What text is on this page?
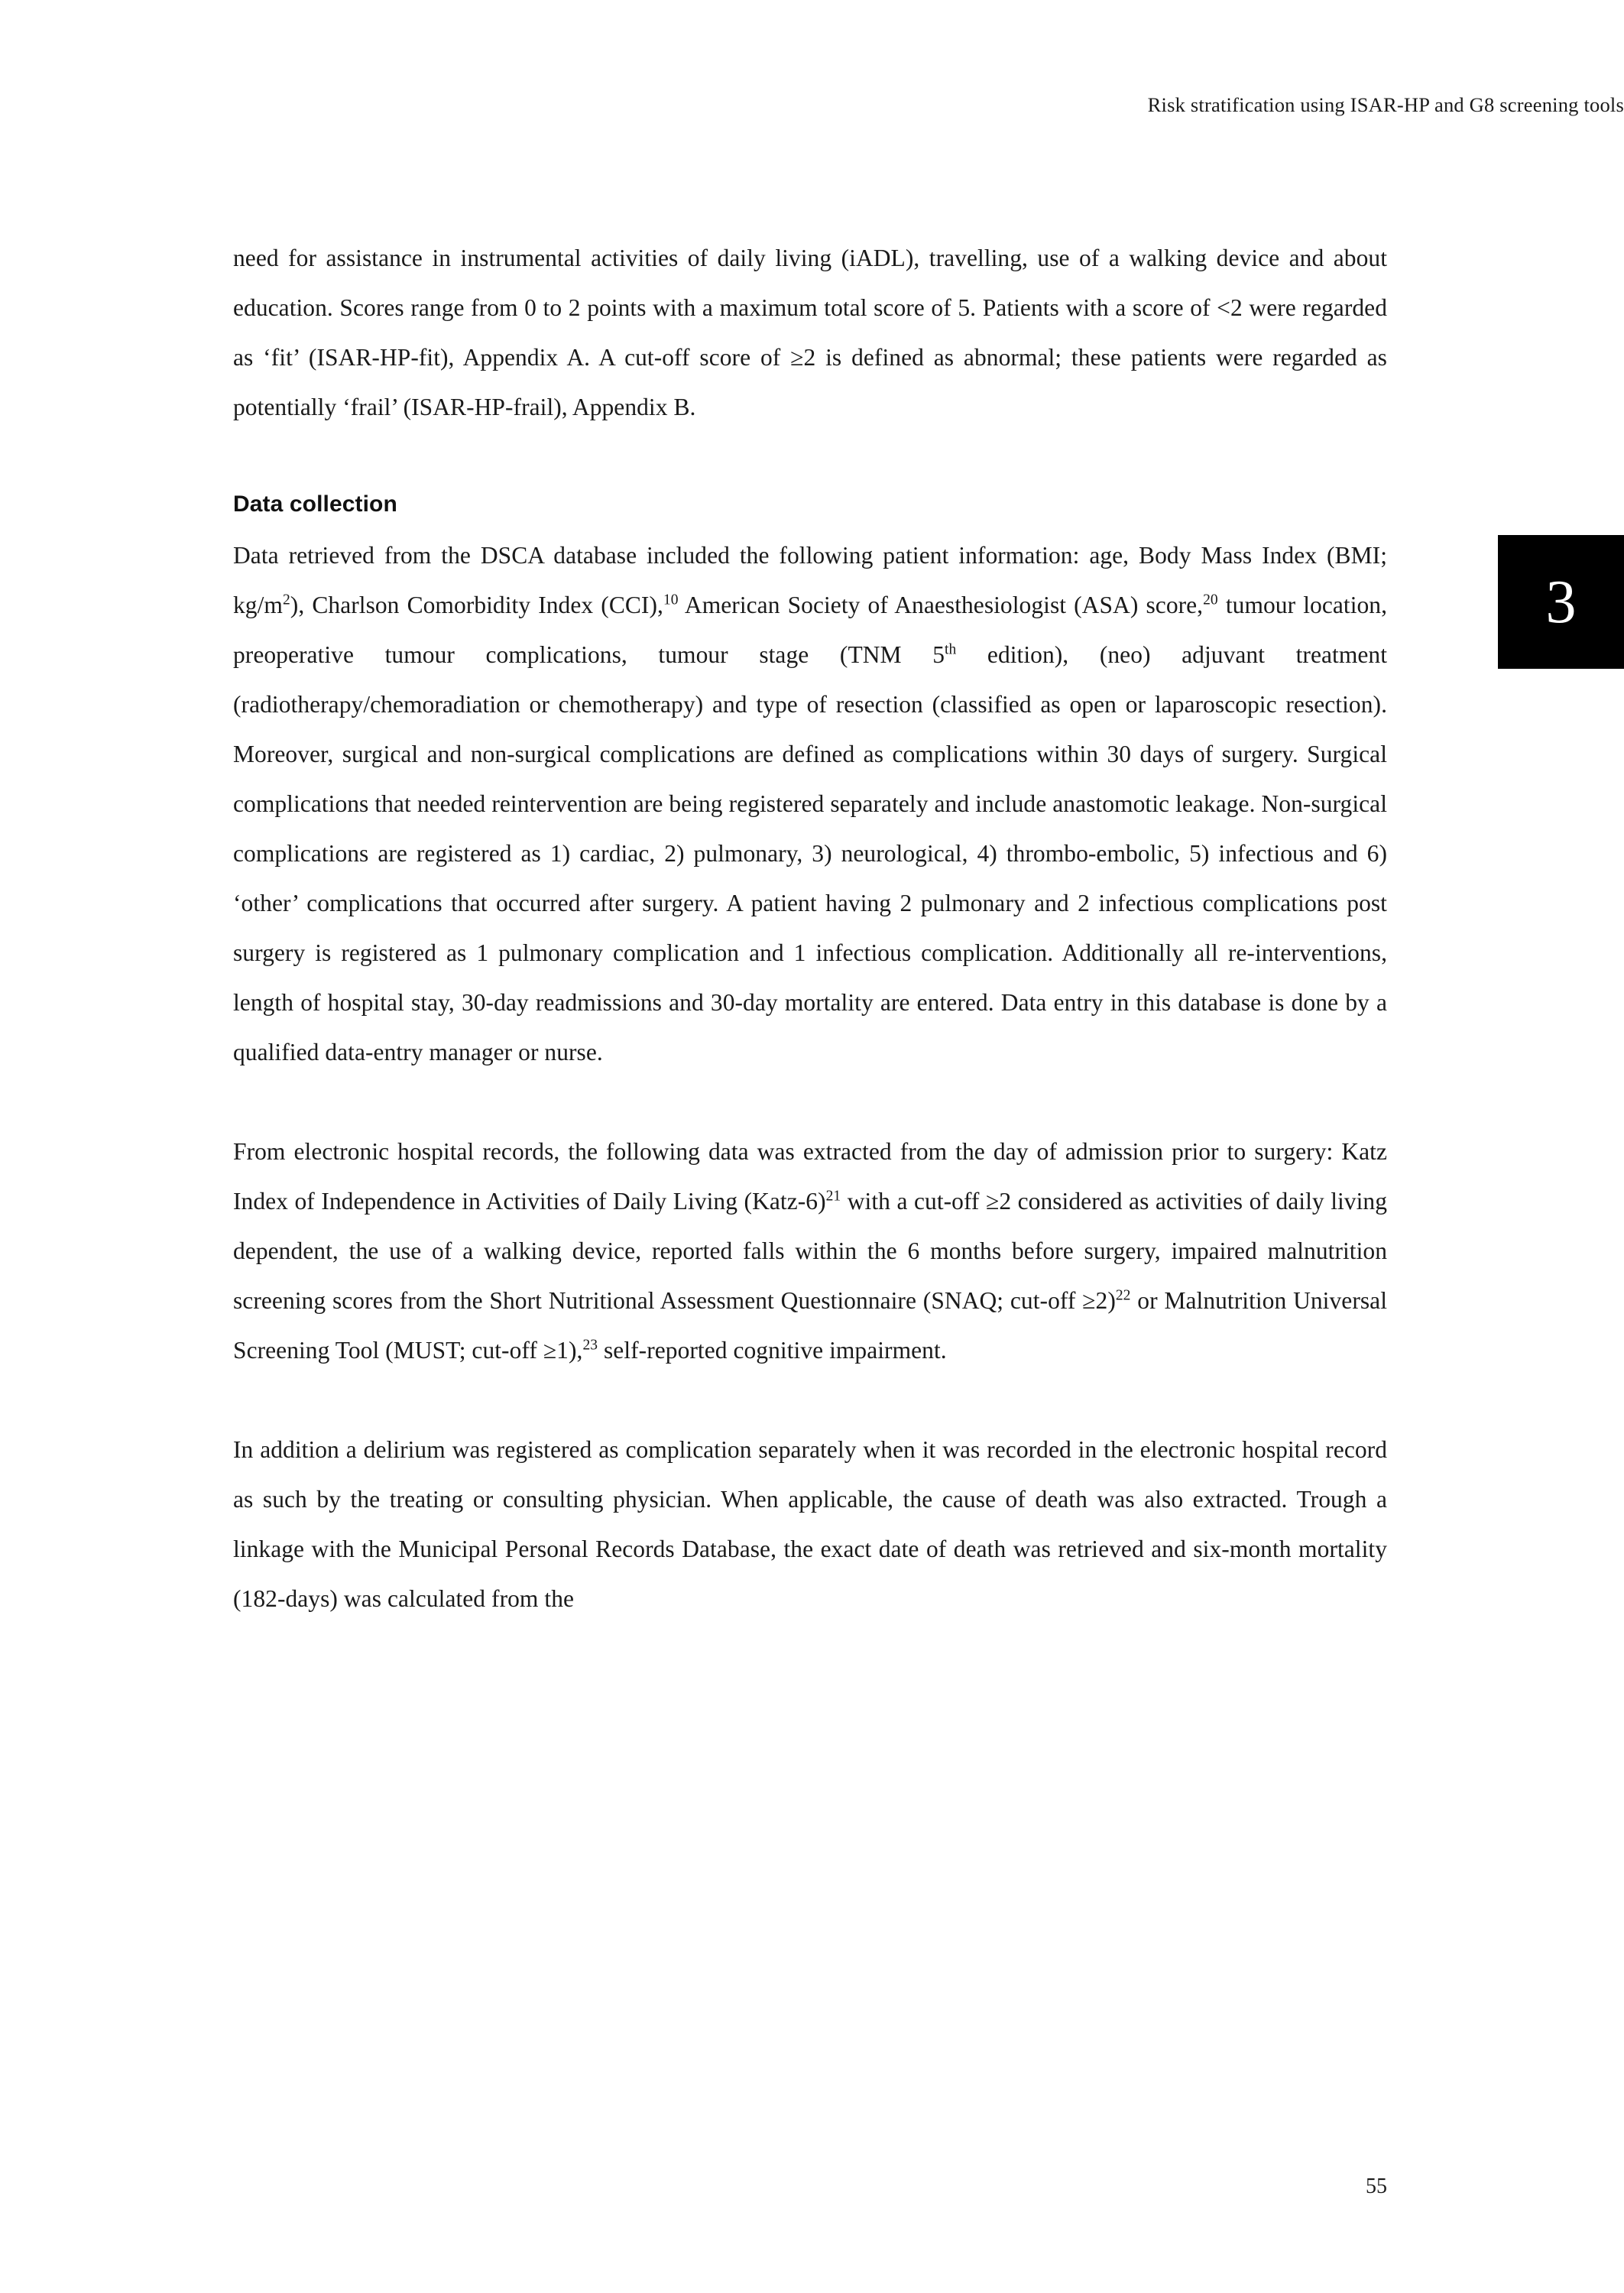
Risk stratification using ISAR-HP and G8 screening tools
3

need for assistance in instrumental activities of daily living (iADL), travelling, use of a walking device and about education. Scores range from 0 to 2 points with a maximum total score of 5. Patients with a score of <2 were regarded as ‘fit’ (ISAR-HP-fit), Appendix A. A cut-off score of ≥2 is defined as abnormal; these patients were regarded as potentially ‘frail’ (ISAR-HP-frail), Appendix B.

Data collection

Data retrieved from the DSCA database included the following patient information: age, Body Mass Index (BMI; $kg/m^2$), Charlson Comorbidity Index (CCI),$^{10}$ American Society of Anaesthesiologist (ASA) score,$^{20}$ tumour location, preoperative tumour complications, tumour stage (TNM 5th edition), (neo) adjuvant treatment (radiotherapy/chemoradiation or chemotherapy) and type of resection (classified as open or laparoscopic resection). Moreover, surgical and non-surgical complications are defined as complications within 30 days of surgery. Surgical complications that needed reintervention are being registered separately and include anastomotic leakage. Non-surgical complications are registered as 1) cardiac, 2) pulmonary, 3) neurological, 4) thrombo-embolic, 5) infectious and 6) ‘other’ complications that occurred after surgery. A patient having 2 pulmonary and 2 infectious complications post surgery is registered as 1 pulmonary complication and 1 infectious complication. Additionally all re-interventions, length of hospital stay, 30-day readmissions and 30-day mortality are entered. Data entry in this database is done by a qualified data-entry manager or nurse.

From electronic hospital records, the following data was extracted from the day of admission prior to surgery: Katz Index of Independence in Activities of Daily Living (Katz-6)$^{21}$ with a cut-off ≥2 considered as activities of daily living dependent, the use of a walking device, reported falls within the 6 months before surgery, impaired malnutrition screening scores from the Short Nutritional Assessment Questionnaire (SNAQ; cut-off ≥2)$^{22}$ or Malnutrition Universal Screening Tool (MUST; cut-off ≥1),$^{23}$ self-reported cognitive impairment.

In addition a delirium was registered as complication separately when it was recorded in the electronic hospital record as such by the treating or consulting physician. When applicable, the cause of death was also extracted. Trough a linkage with the Municipal Personal Records Database, the exact date of death was retrieved and six-month mortality (182-days) was calculated from the

55
